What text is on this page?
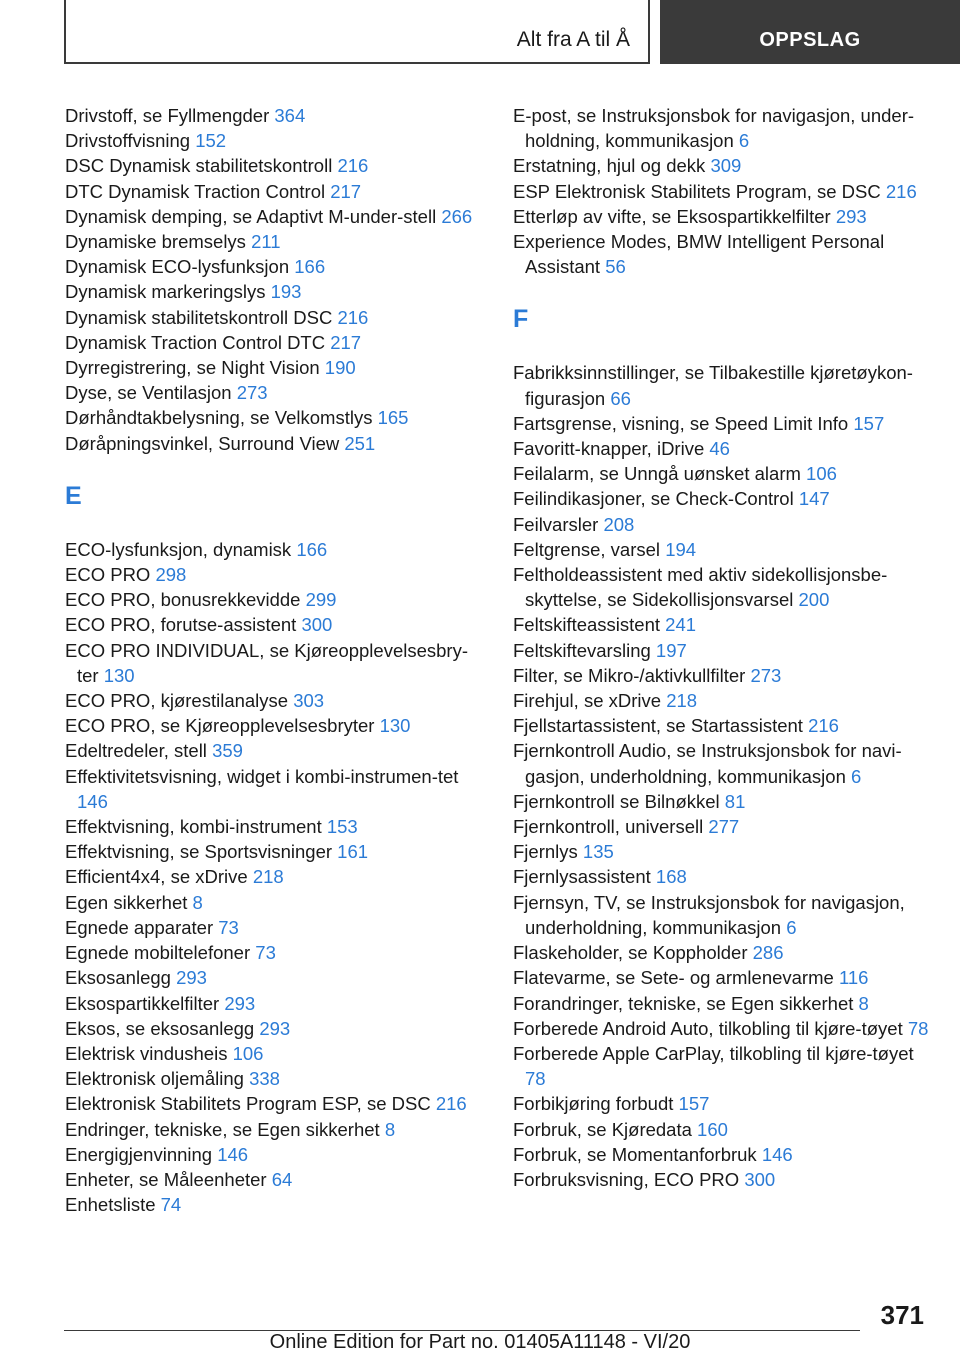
Alt fra A til Å	OPPSLAG
Drivstoff, se Fyllmengder 364
Drivstoffvisning 152
DSC Dynamisk stabilitetskontroll 216
DTC Dynamisk Traction Control 217
Dynamisk demping, se Adaptivt M-under‐stell 266
Dynamiske bremselys 211
Dynamisk ECO-lysfunksjon 166
Dynamisk markeringslys 193
Dynamisk stabilitetskontroll DSC 216
Dynamisk Traction Control DTC 217
Dyrregistrering, se Night Vision 190
Dyse, se Ventilasjon 273
Dørhåndtakbelysning, se Velkomstlys 165
Døråpningsvinkel, Surround View 251
E
ECO-lysfunksjon, dynamisk 166
ECO PRO 298
ECO PRO, bonusrekkevidde 299
ECO PRO, forutse-assistent 300
ECO PRO INDIVIDUAL, se Kjøreopplevelsesbry‐ter 130
ECO PRO, kjørestilanalyse 303
ECO PRO, se Kjøreopplevelsesbryter 130
Edeltredeler, stell 359
Effektivitetsvisning, widget i kombi-instrumen‐tet 146
Effektvisning, kombi-instrument 153
Effektvisning, se Sportsvisninger 161
Efficient4x4, se xDrive 218
Egen sikkerhet 8
Egnede apparater 73
Egnede mobiltelefoner 73
Eksosanlegg 293
Eksospartikkelfilter 293
Eksos, se eksosanlegg 293
Elektrisk vindusheis 106
Elektronisk oljemåling 338
Elektronisk Stabilitets Program ESP, se DSC 216
Endringer, tekniske, se Egen sikkerhet 8
Energigjenvinning 146
Enheter, se Måleenheter 64
Enhetsliste 74
E-post, se Instruksjonsbok for navigasjon, under‐holdning, kommunikasjon 6
Erstatning, hjul og dekk 309
ESP Elektronisk Stabilitets Program, se DSC 216
Etterløp av vifte, se Eksospartikkelfilter 293
Experience Modes, BMW Intelligent Personal Assistant 56
F
Fabrikksinnstillinger, se Tilbakestille kjøretøykon‐figurasjon 66
Fartsgrense, visning, se Speed Limit Info 157
Favoritt-knapper, iDrive 46
Feilalarm, se Unngå uønsket alarm 106
Feilindikasjoner, se Check-Control 147
Feilvarsler 208
Feltgrense, varsel 194
Feltholdeassistent med aktiv sidekollisjonsbe‐skyttelse, se Sidekollisjonsvarsel 200
Feltskifteassistent 241
Feltskiftevarsling 197
Filter, se Mikro-/aktivkullfilter 273
Firehjul, se xDrive 218
Fjellstartassistent, se Startassistent 216
Fjernkontroll Audio, se Instruksjonsbok for navi‐gasjon, underholdning, kommunikasjon 6
Fjernkontroll se Bilnøkkel 81
Fjernkontroll, universell 277
Fjernlys 135
Fjernlysassistent 168
Fjernsyn, TV, se Instruksjonsbok for navigasjon, underholdning, kommunikasjon 6
Flaskeholder, se Koppholder 286
Flatevarme, se Sete- og armlenevarme 116
Forandringer, tekniske, se Egen sikkerhet 8
Forberede Android Auto, tilkobling til kjøre‐tøyet 78
Forberede Apple CarPlay, tilkobling til kjøre‐tøyet 78
Forbikjøring forbudt 157
Forbruk, se Kjøredata 160
Forbruk, se Momentanforbruk 146
Forbruksvisning, ECO PRO 300
371
Online Edition for Part no. 01405A11148 - VI/20
